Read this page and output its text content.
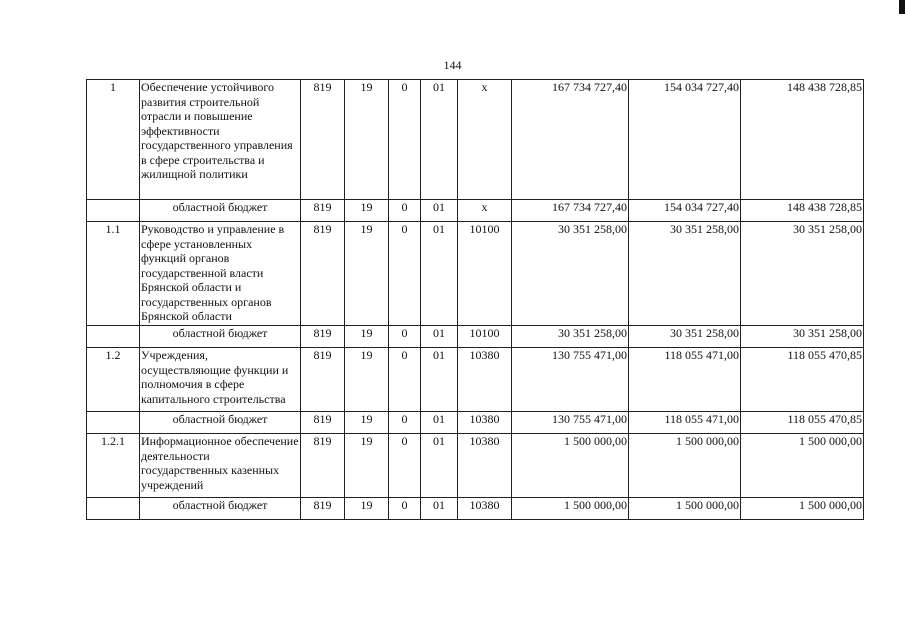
144
1	Обеспечение устойчивого развития строительной отрасли и повышение эффективности государственного управления в сфере строительства и жилищной политики	819	19	0	01	х	167 734 727,40	154 034 727,40	148 438 728,85
	областной бюджет	819	19	0	01	х	167 734 727,40	154 034 727,40	148 438 728,85
1.1	Руководство и управление в сфере установленных функций органов государственной власти Брянской области и государственных органов Брянской области	819	19	0	01	10100	30 351 258,00	30 351 258,00	30 351 258,00
	областной бюджет	819	19	0	01	10100	30 351 258,00	30 351 258,00	30 351 258,00
1.2	Учреждения, осуществляющие функции и полномочия в сфере капитального строительства	819	19	0	01	10380	130 755 471,00	118 055 471,00	118 055 470,85
	областной бюджет	819	19	0	01	10380	130 755 471,00	118 055 471,00	118 055 470,85
1.2.1	Информационное обеспечение деятельности государственных казенных учреждений	819	19	0	01	10380	1 500 000,00	1 500 000,00	1 500 000,00
	областной бюджет	819	19	0	01	10380	1 500 000,00	1 500 000,00	1 500 000,00
